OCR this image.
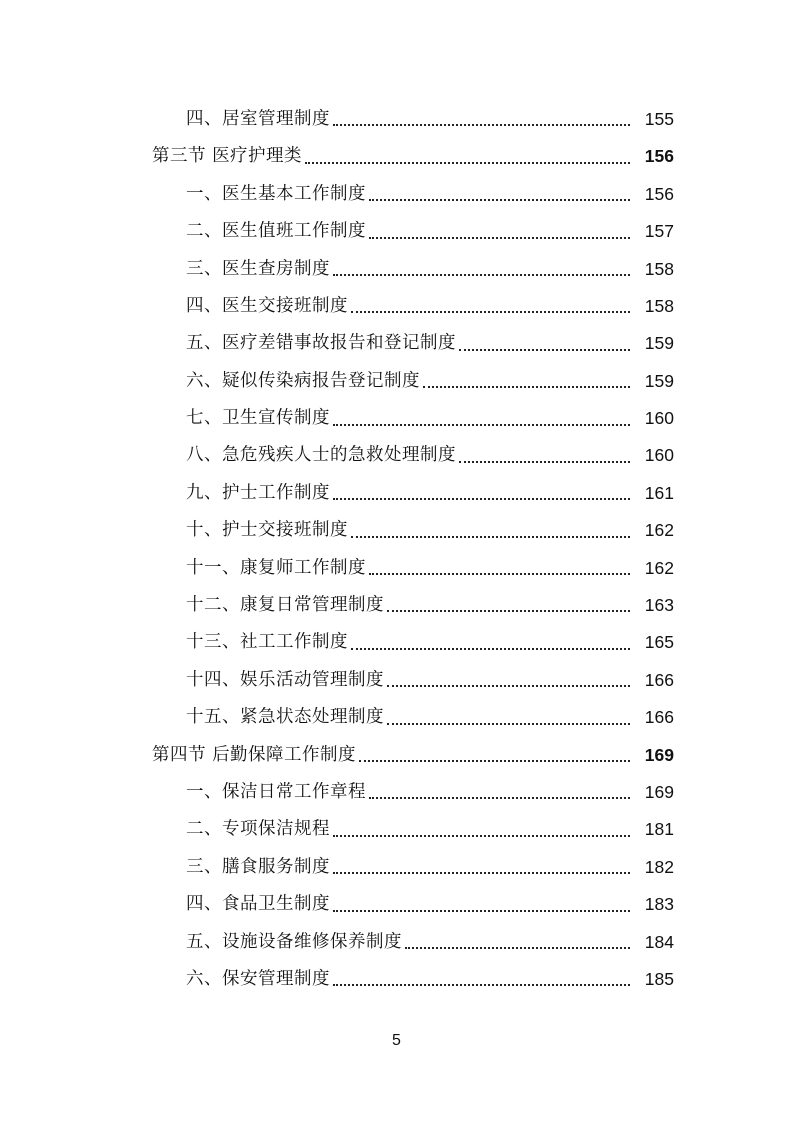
四、居室管理制度	155
第三节 医疗护理类	156
一、医生基本工作制度	156
二、医生值班工作制度	157
三、医生查房制度	158
四、医生交接班制度	158
五、医疗差错事故报告和登记制度	159
六、疑似传染病报告登记制度	159
七、卫生宣传制度	160
八、急危残疾人士的急救处理制度	160
九、护士工作制度	161
十、护士交接班制度	162
十一、康复师工作制度	162
十二、康复日常管理制度	163
十三、社工工作制度	165
十四、娱乐活动管理制度	166
十五、紧急状态处理制度	166
第四节 后勤保障工作制度	169
一、保洁日常工作章程	169
二、专项保洁规程	181
三、膳食服务制度	182
四、食品卫生制度	183
五、设施设备维修保养制度	184
六、保安管理制度	185
5
